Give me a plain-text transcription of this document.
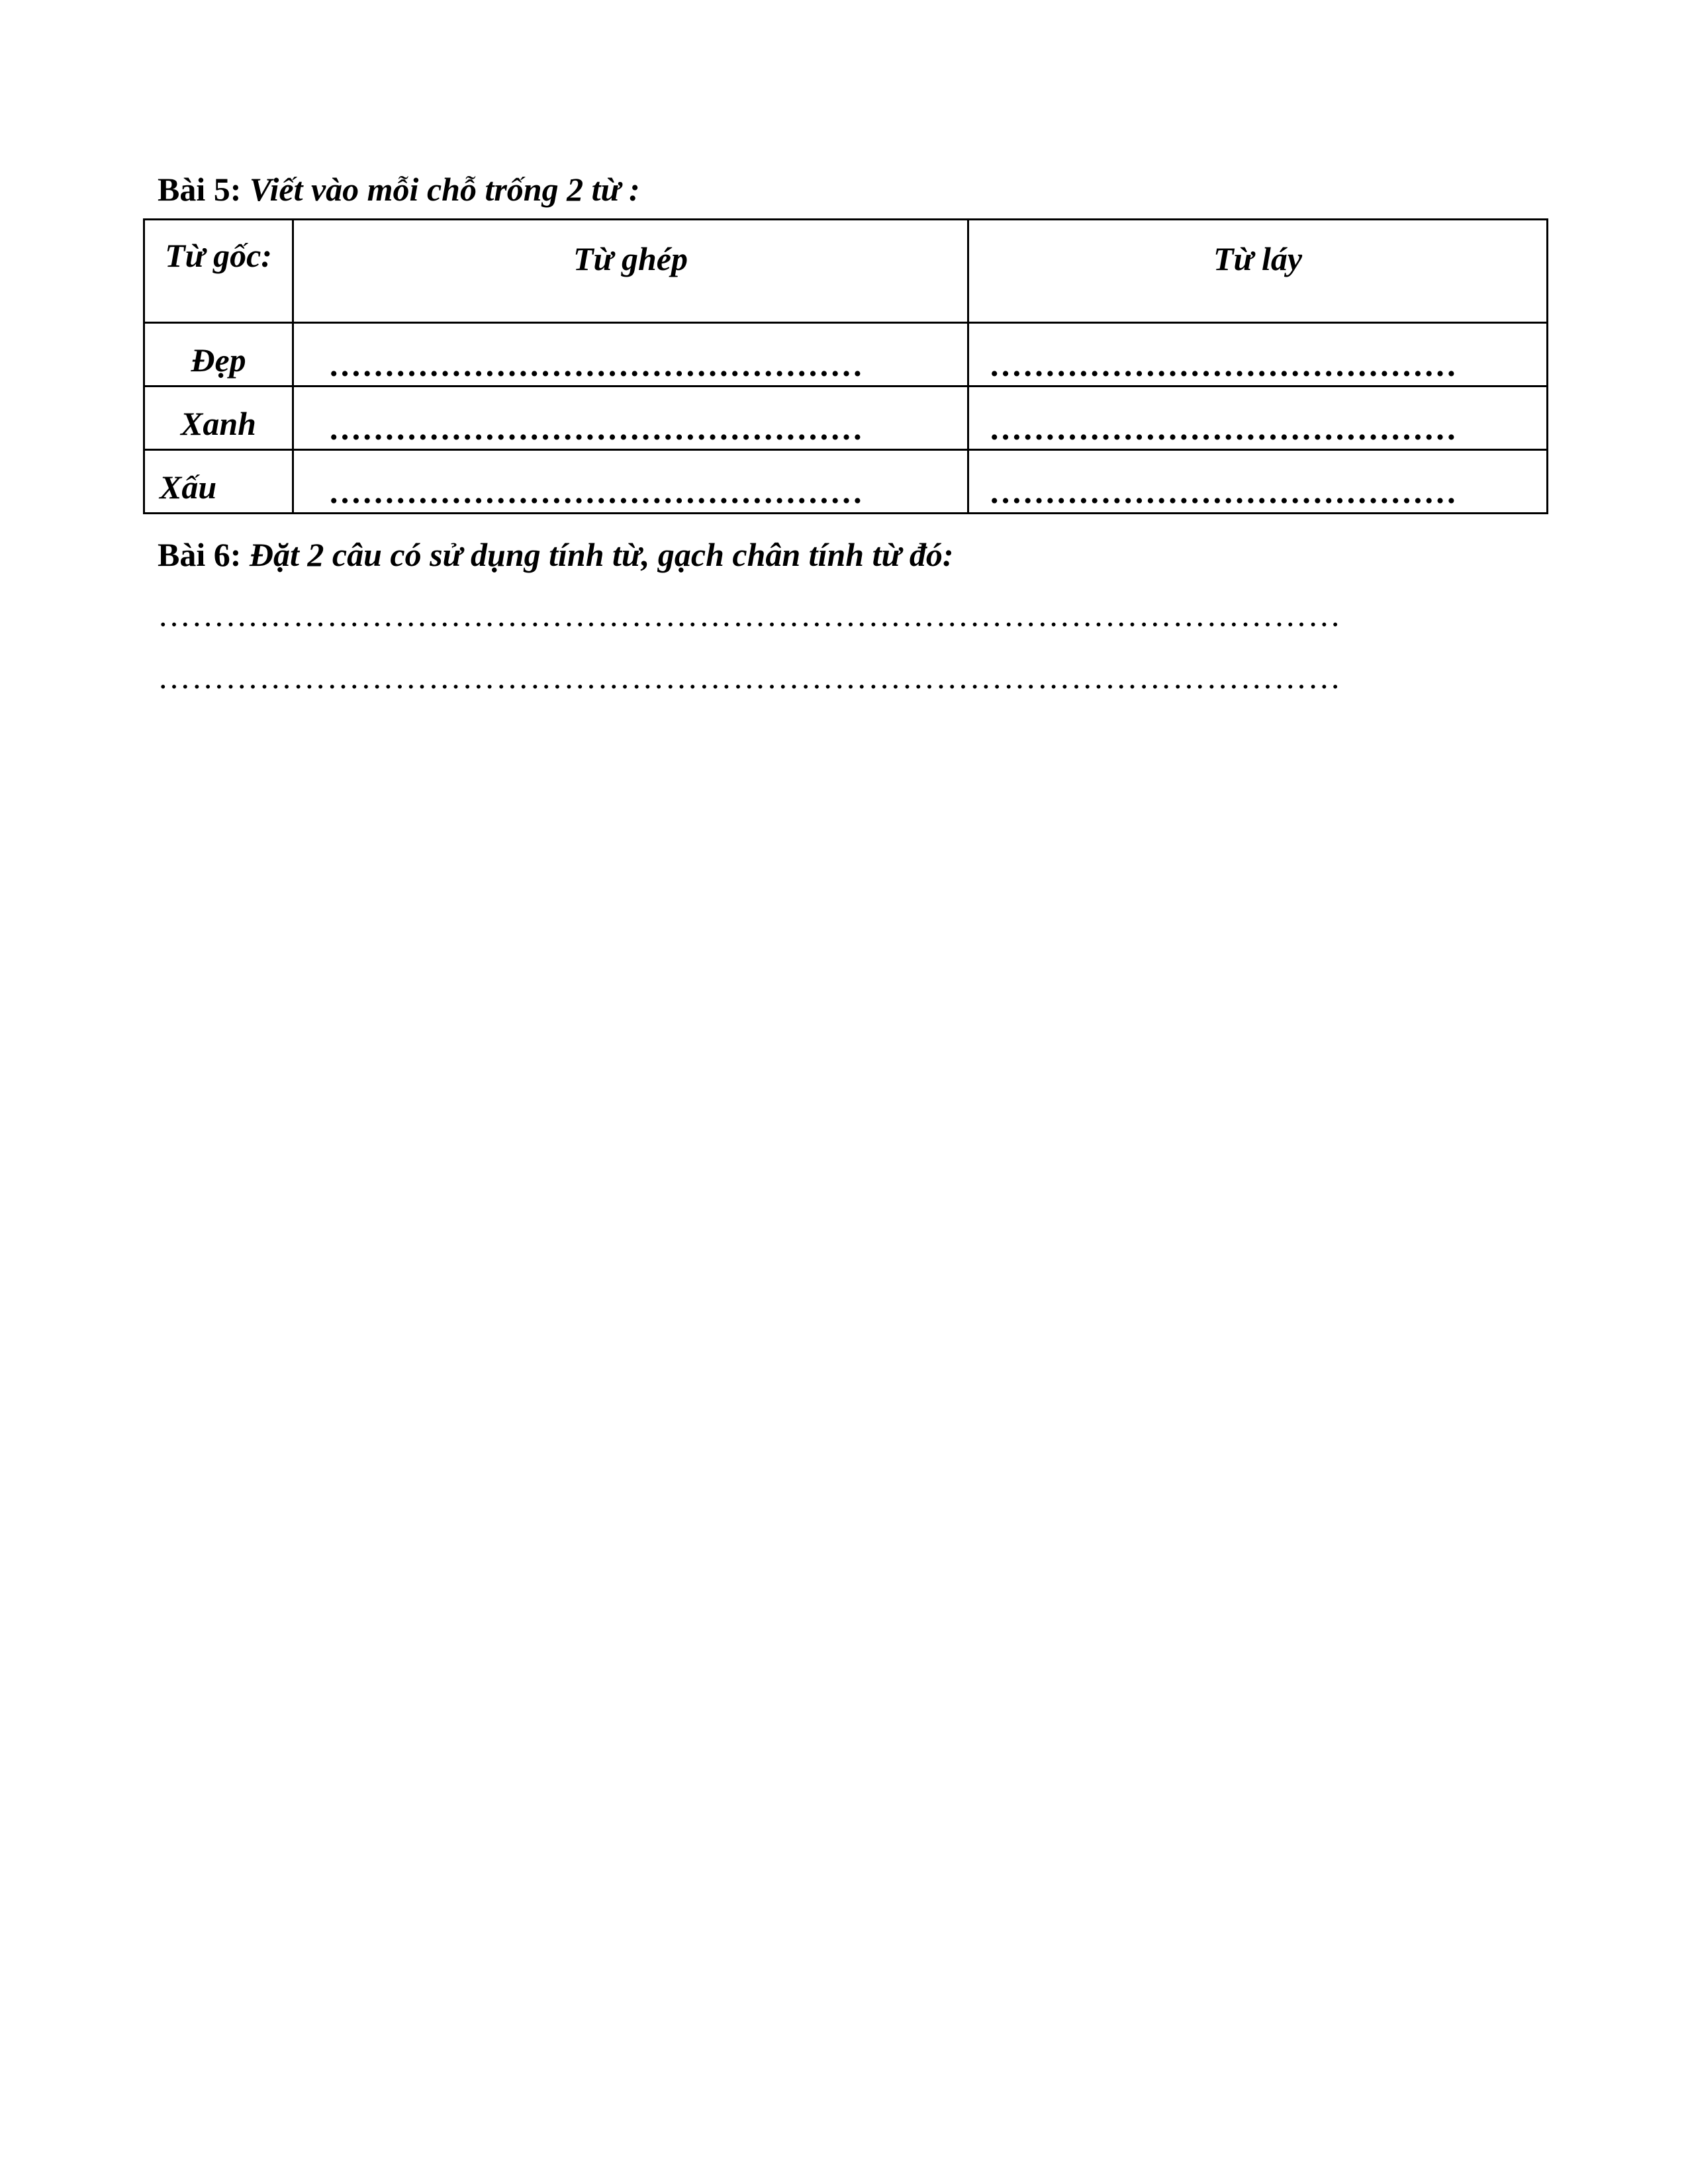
Bài 5: Viết vào mỗi chỗ trống 2 từ :
Từ gốc:	Từ ghép	Từ láy
Đẹp	…………………………………………	……………………………………
Xanh	…………………………………………	……………………………………
Xấu	…………………………………………	……………………………………
Bài 6: Đặt 2 câu có sử dụng tính từ, gạch chân tính từ đó:
……………………………………………………………………………………………
……………………………………………………………………………………………
